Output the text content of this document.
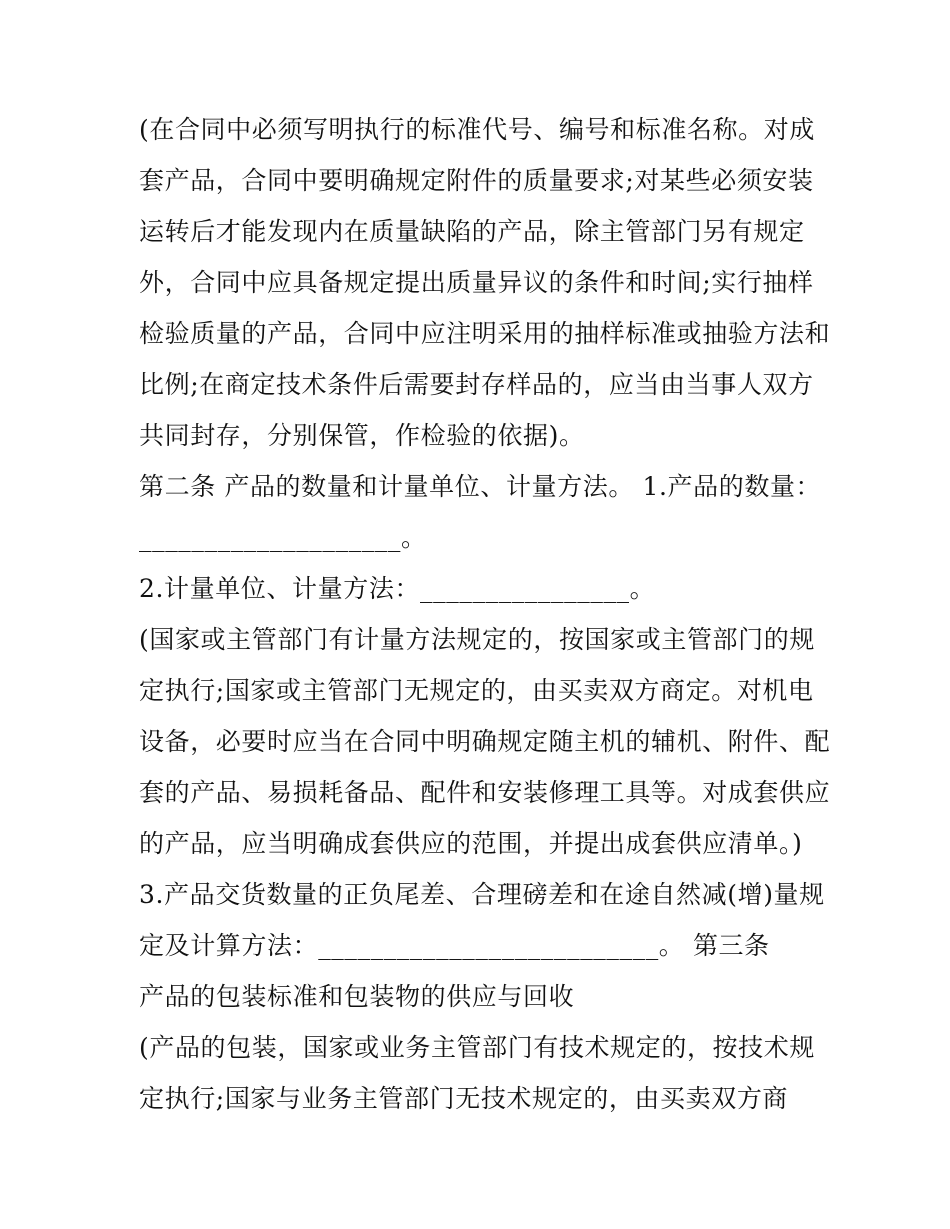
(在合同中必须写明执行的标准代号、编号和标准名称。对成
套产品，合同中要明确规定附件的质量要求;对某些必须安装
运转后才能发现内在质量缺陷的产品，除主管部门另有规定
外，合同中应具备规定提出质量异议的条件和时间;实行抽样
检验质量的产品，合同中应注明采用的抽样标准或抽验方法和
比例;在商定技术条件后需要封存样品的，应当由当事人双方
共同封存，分别保管，作检验的依据)。
第二条 产品的数量和计量单位、计量方法。 1.产品的数量：
____________________。
2.计量单位、计量方法：________________。
(国家或主管部门有计量方法规定的，按国家或主管部门的规
定执行;国家或主管部门无规定的，由买卖双方商定。对机电
设备，必要时应当在合同中明确规定随主机的辅机、附件、配
套的产品、易损耗备品、配件和安装修理工具等。对成套供应
的产品，应当明确成套供应的范围，并提出成套供应清单。)
3.产品交货数量的正负尾差、合理磅差和在途自然减(增)量规
定及计算方法：__________________________。 第三条
产品的包装标准和包装物的供应与回收
(产品的包装，国家或业务主管部门有技术规定的，按技术规
定执行;国家与业务主管部门无技术规定的，由买卖双方商
